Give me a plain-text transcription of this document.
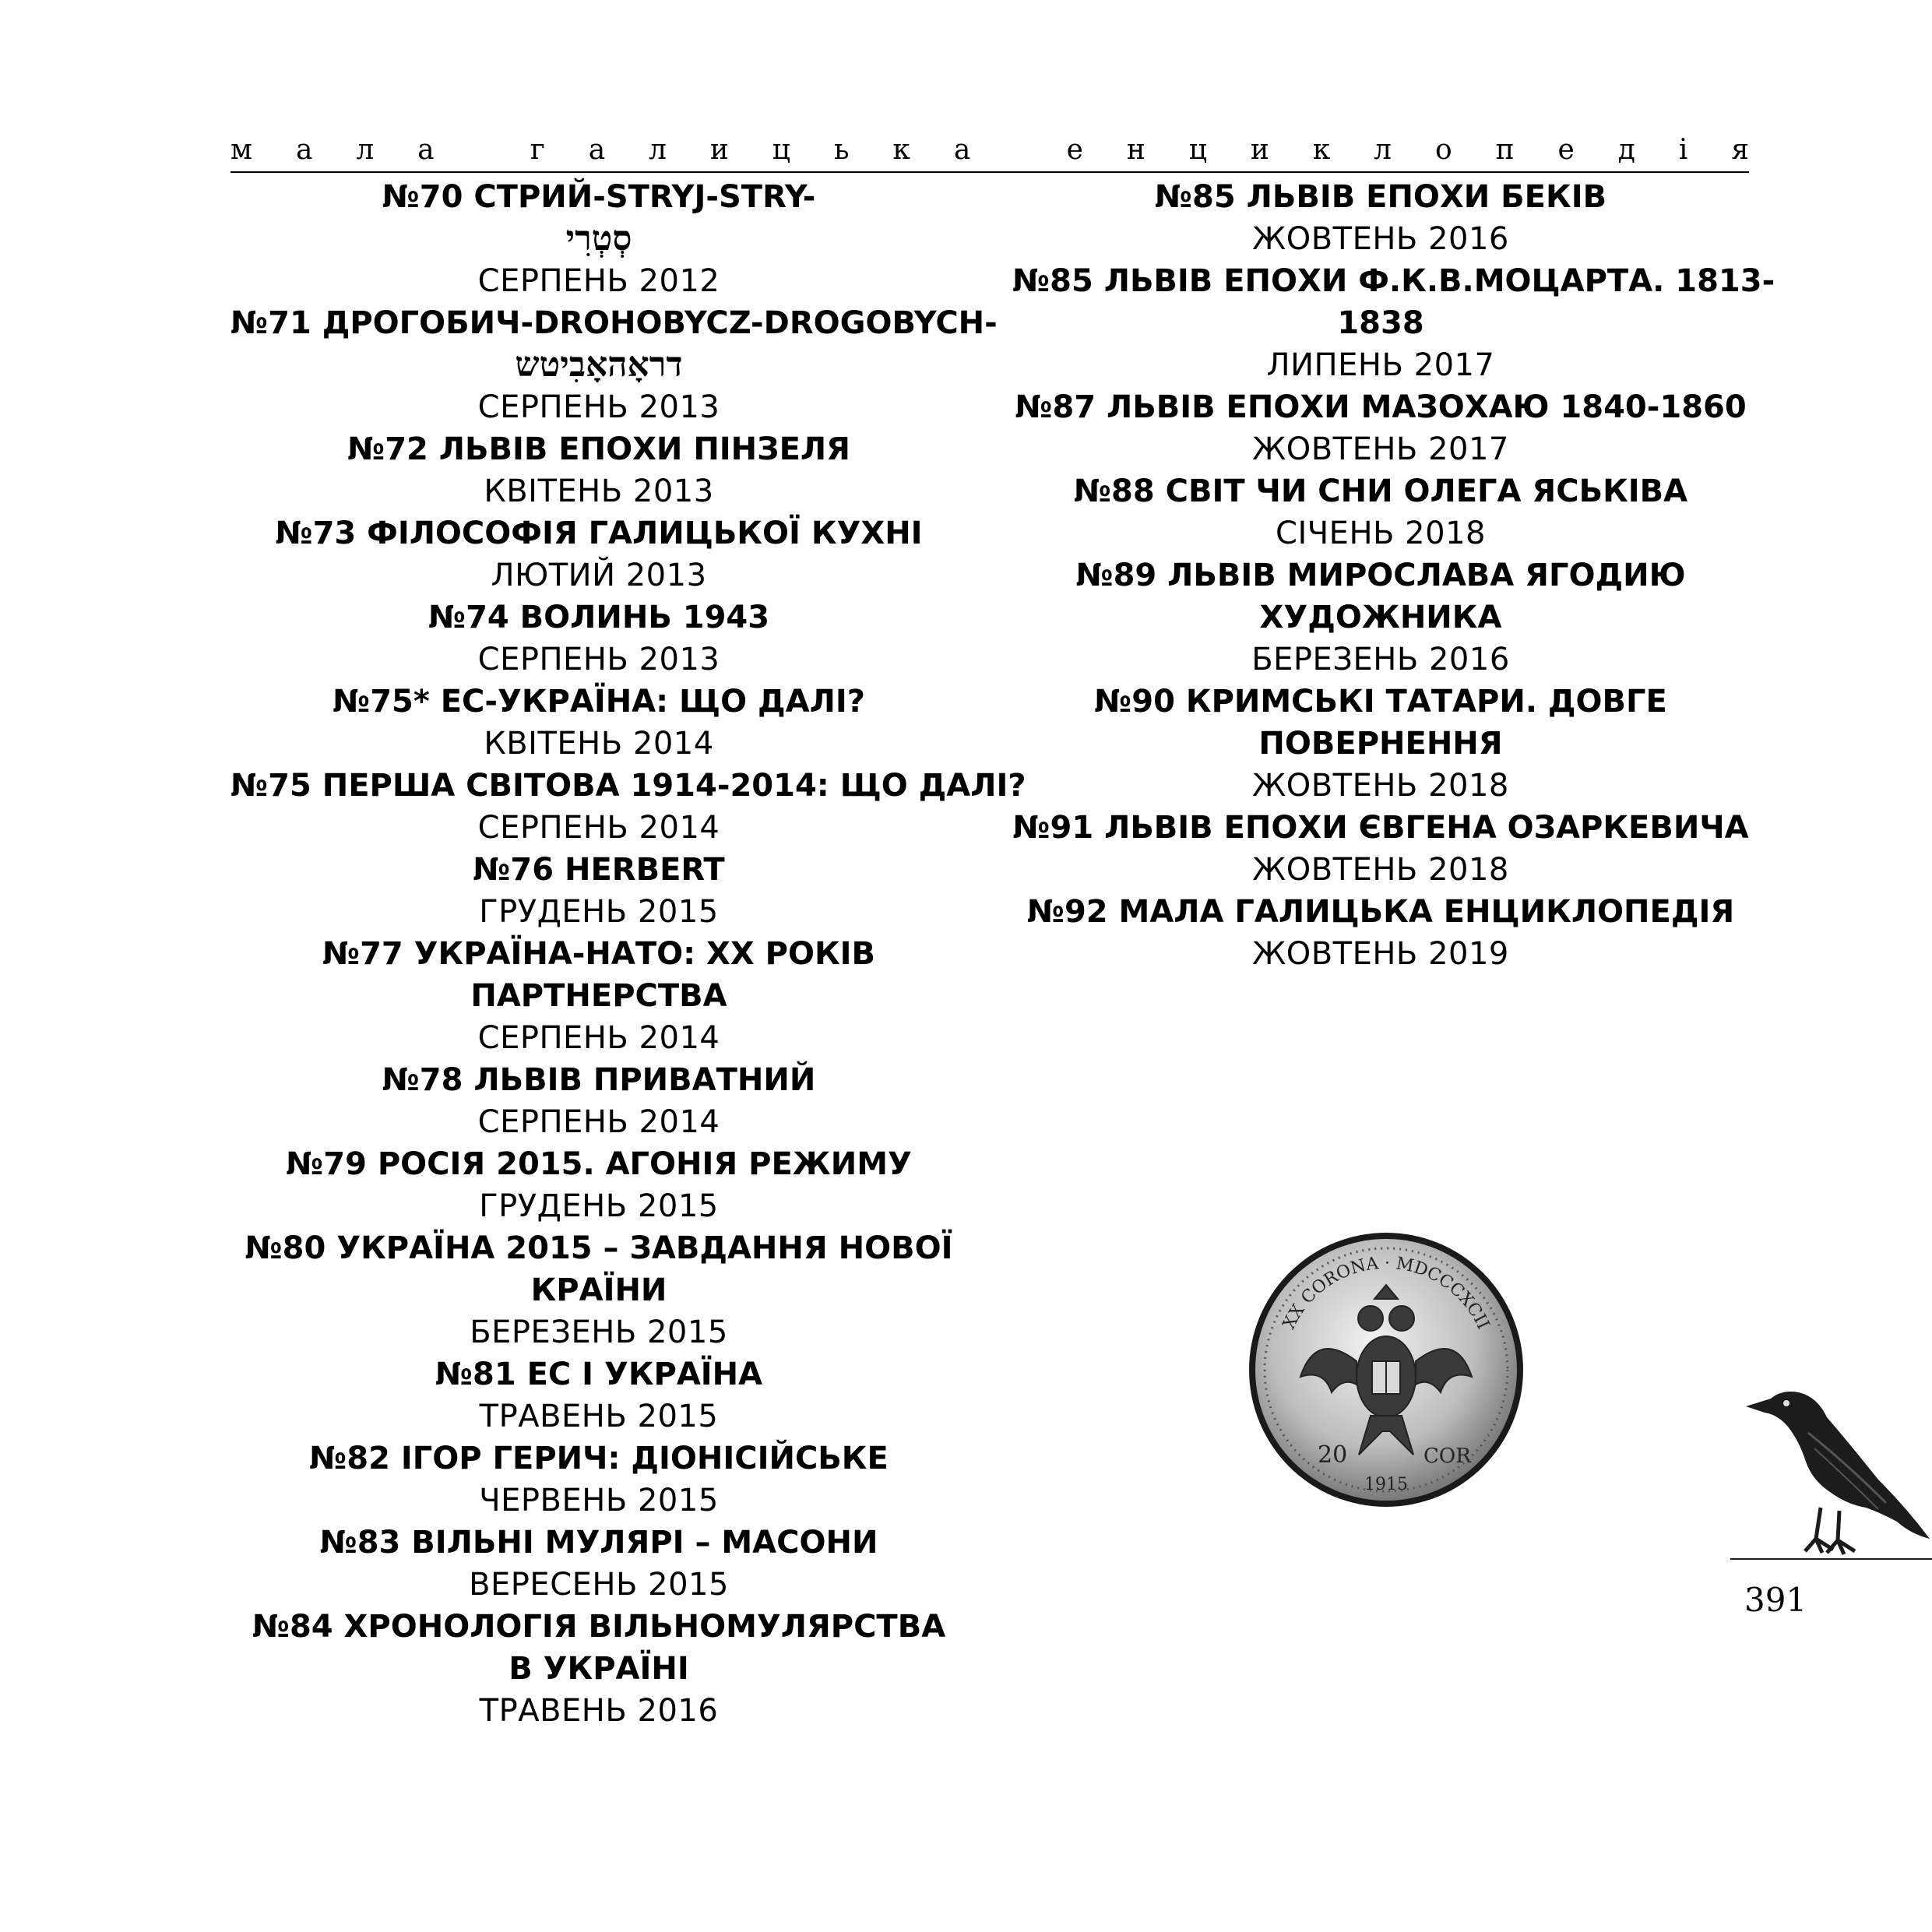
м а л а
	г а л и ц ь к а
	е н ц и к л о п е д і я

№70 СТРИЙ-STRYJ-STRY-

סְטְרִי

СЕРПЕНЬ 2012

№71 ДРОГОБИЧ-DROHOBYCZ-DROGOBYCH-

דראָהאָבִיטש

СЕРПЕНЬ 2013

№72 ЛЬВІВ ЕПОХИ ПІНЗЕЛЯ

КВІТЕНЬ 2013

№73 ФІЛОСОФІЯ ГАЛИЦЬКОЇ КУХНІ

ЛЮТИЙ 2013

№74 ВОЛИНЬ 1943

СЕРПЕНЬ 2013

№75* ЕС-УКРАЇНА: ЩО ДАЛІ?

КВІТЕНЬ 2014

№75 ПЕРША СВІТОВА 1914-2014: ЩО ДАЛІ?

СЕРПЕНЬ 2014

№76 HERBERT

ГРУДЕНЬ 2015

№77 УКРАЇНА-НАТО: XX РОКІВ

ПАРТНЕРСТВА

СЕРПЕНЬ 2014

№78 ЛЬВІВ ПРИВАТНИЙ

СЕРПЕНЬ 2014

№79 РОСІЯ 2015. АГОНІЯ РЕЖИМУ

ГРУДЕНЬ 2015

№80 УКРАЇНА 2015 – ЗАВДАННЯ НОВОЇ

КРАЇНИ

БЕРЕЗЕНЬ 2015

№81 ЕС І УКРАЇНА

ТРАВЕНЬ 2015

№82 ІГОР ГЕРИЧ: ДІОНІСІЙСЬКЕ

ЧЕРВЕНЬ 2015

№83 ВІЛЬНІ МУЛЯРІ – МАСОНИ

ВЕРЕСЕНЬ 2015

№84 ХРОНОЛОГІЯ ВІЛЬНОМУЛЯРСТВА

В УКРАЇНІ

ТРАВЕНЬ 2016

№85 ЛЬВІВ ЕПОХИ БЕКІВ

ЖОВТЕНЬ 2016

№85 ЛЬВІВ ЕПОХИ Ф.К.В.МОЦАРТА. 1813-

1838

ЛИПЕНЬ 2017

№87 ЛЬВІВ ЕПОХИ МАЗОХАЮ 1840-1860

ЖОВТЕНЬ 2017

№88 СВІТ ЧИ СНИ ОЛЕГА ЯСЬКІВА

СІЧЕНЬ 2018

№89 ЛЬВІВ МИРОСЛАВА ЯГОДИЮ

ХУДОЖНИКА

БЕРЕЗЕНЬ 2016

№90 КРИМСЬКІ ТАТАРИ. ДОВГЕ

ПОВЕРНЕННЯ

ЖОВТЕНЬ 2018

№91 ЛЬВІВ ЕПОХИ ЄВГЕНА ОЗАРКЕВИЧА

ЖОВТЕНЬ 2018

№92 МАЛА ГАЛИЦЬКА ЕНЦИКЛОПЕДІЯ

ЖОВТЕНЬ 2019

XX CORONA · MDCCCXCII
20
1915
COR
391
